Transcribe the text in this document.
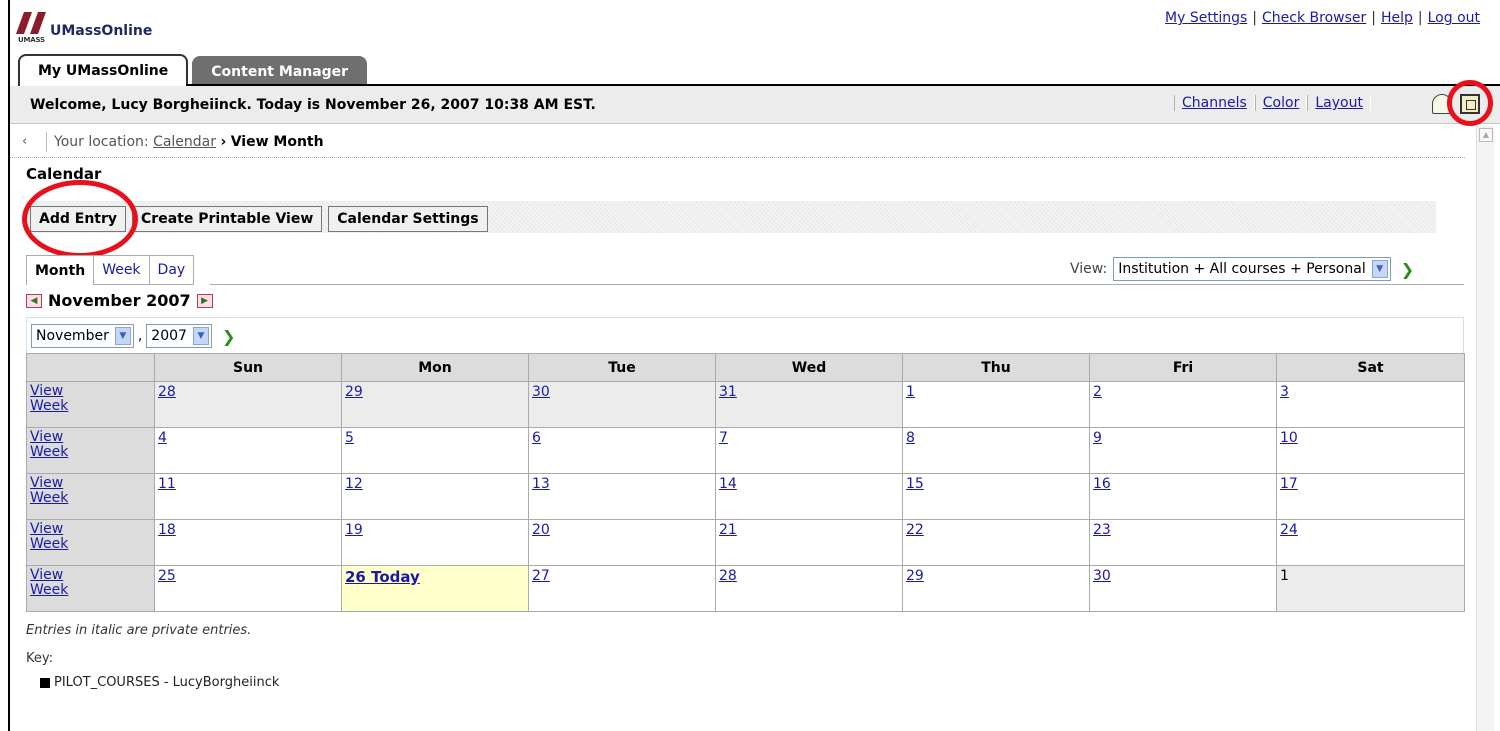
UMASS
UMassOnline
My Settings | Check Browser | Help | Log out
My UMassOnline	Content Manager
Welcome, Lucy Borgheiinck. Today is November 26, 2007 10:38 AM EST.	Channels	Color	Layout
‹ Your location: Calendar › View Month	▲
Calendar
Add Entry	Create Printable View	Calendar Settings
Month	Week	Day	View: Institution + All courses + Personal	▼ ❯
◀ November 2007	▶
November	▼ , 2007	▼ ❯
	Sun	Mon	Tue	Wed	Thu	Fri	Sat
View
Week	28	29	30	31	1	2	3
View
Week	4	5	6	7	8	9	10
View
Week	11	12	13	14	15	16	17
View
Week	18	19	20	21	22	23	24
View
Week	25	26 Today	27	28	29	30	1
Entries in italic are private entries.
Key:
PILOT_COURSES - LucyBorgheiinck
